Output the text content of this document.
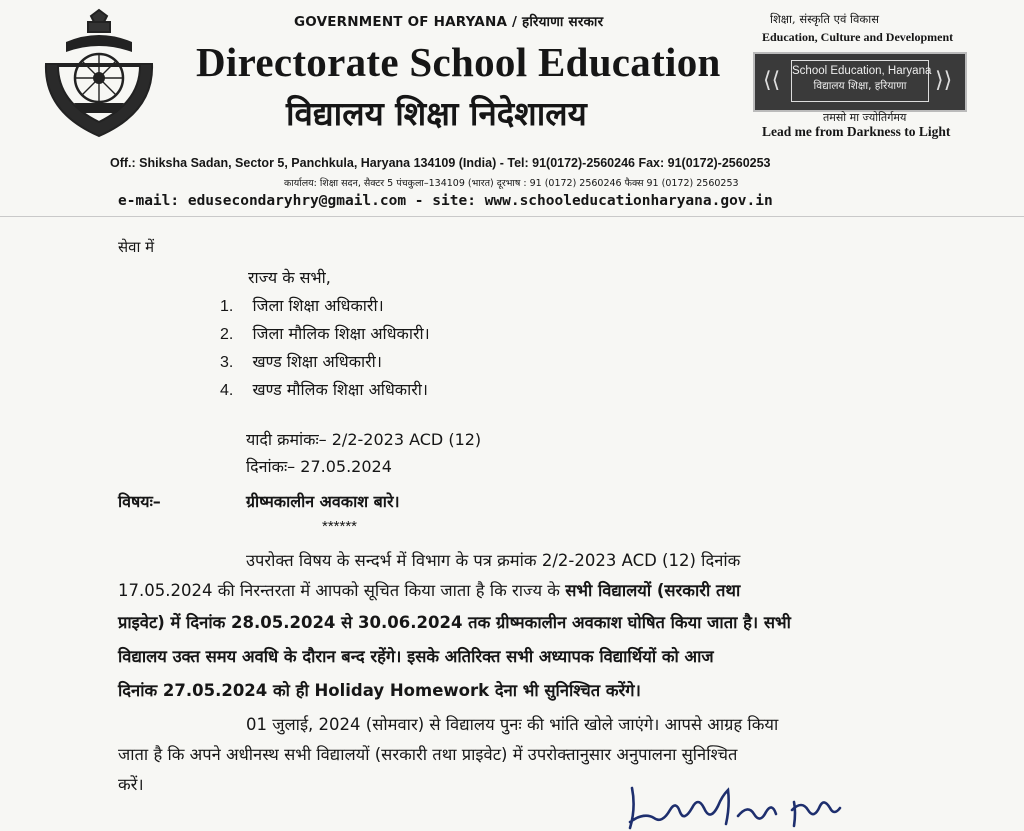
GOVERNMENT OF HARYANA / हरियाणा सरकार
Directorate School Education
विद्यालय शिक्षा निदेशालय
शिक्षा, संस्कृति एवं विकास
Education, Culture and Development
⟨⟨ School Education, Haryana
विद्यालय शिक्षा, हरियाणा	⟩⟩
तमसो मा ज्योतिर्गमय
Lead me from Darkness to Light
Off.: Shiksha Sadan, Sector 5, Panchkula, Haryana 134109 (India) - Tel: 91(0172)-2560246 Fax: 91(0172)-2560253
कार्यालय: शिक्षा सदन, सैक्टर 5 पंचकुला–134109 (भारत) दूरभाष : 91 (0172) 2560246 फैक्स 91 (0172) 2560253
e-mail: edusecondaryhry@gmail.com - site: www.schooleducationharyana.gov.in
सेवा में
राज्य के सभी,
1. जिला शिक्षा अधिकारी।
2. जिला मौलिक शिक्षा अधिकारी।
3. खण्ड शिक्षा अधिकारी।
4. खण्ड मौलिक शिक्षा अधिकारी।
यादी क्रमांकः– 2/2-2023 ACD (12)
दिनांकः– 27.05.2024
विषयः–	ग्रीष्मकालीन अवकाश बारे।
******
उपरोक्त विषय के सन्दर्भ में विभाग के पत्र क्रमांक 2/2-2023 ACD (12) दिनांक
17.05.2024 की निरन्तरता में आपको सूचित किया जाता है कि राज्य के सभी विद्यालयों (सरकारी तथा
प्राइवेट) में दिनांक 28.05.2024 से 30.06.2024 तक ग्रीष्मकालीन अवकाश घोषित किया जाता है। सभी
विद्यालय उक्त समय अवधि के दौरान बन्द रहेंगे। इसके अतिरिक्त सभी अध्यापक विद्यार्थियों को आज
दिनांक 27.05.2024 को ही Holiday Homework देना भी सुनिश्चित करेंगे।
01 जुलाई, 2024 (सोमवार) से विद्यालय पुनः की भांति खोले जाएंगे। आपसे आग्रह किया
जाता है कि अपने अधीनस्थ सभी विद्यालयों (सरकारी तथा प्राइवेट) में उपरोक्तानुसार अनुपालना सुनिश्चित
करें।
